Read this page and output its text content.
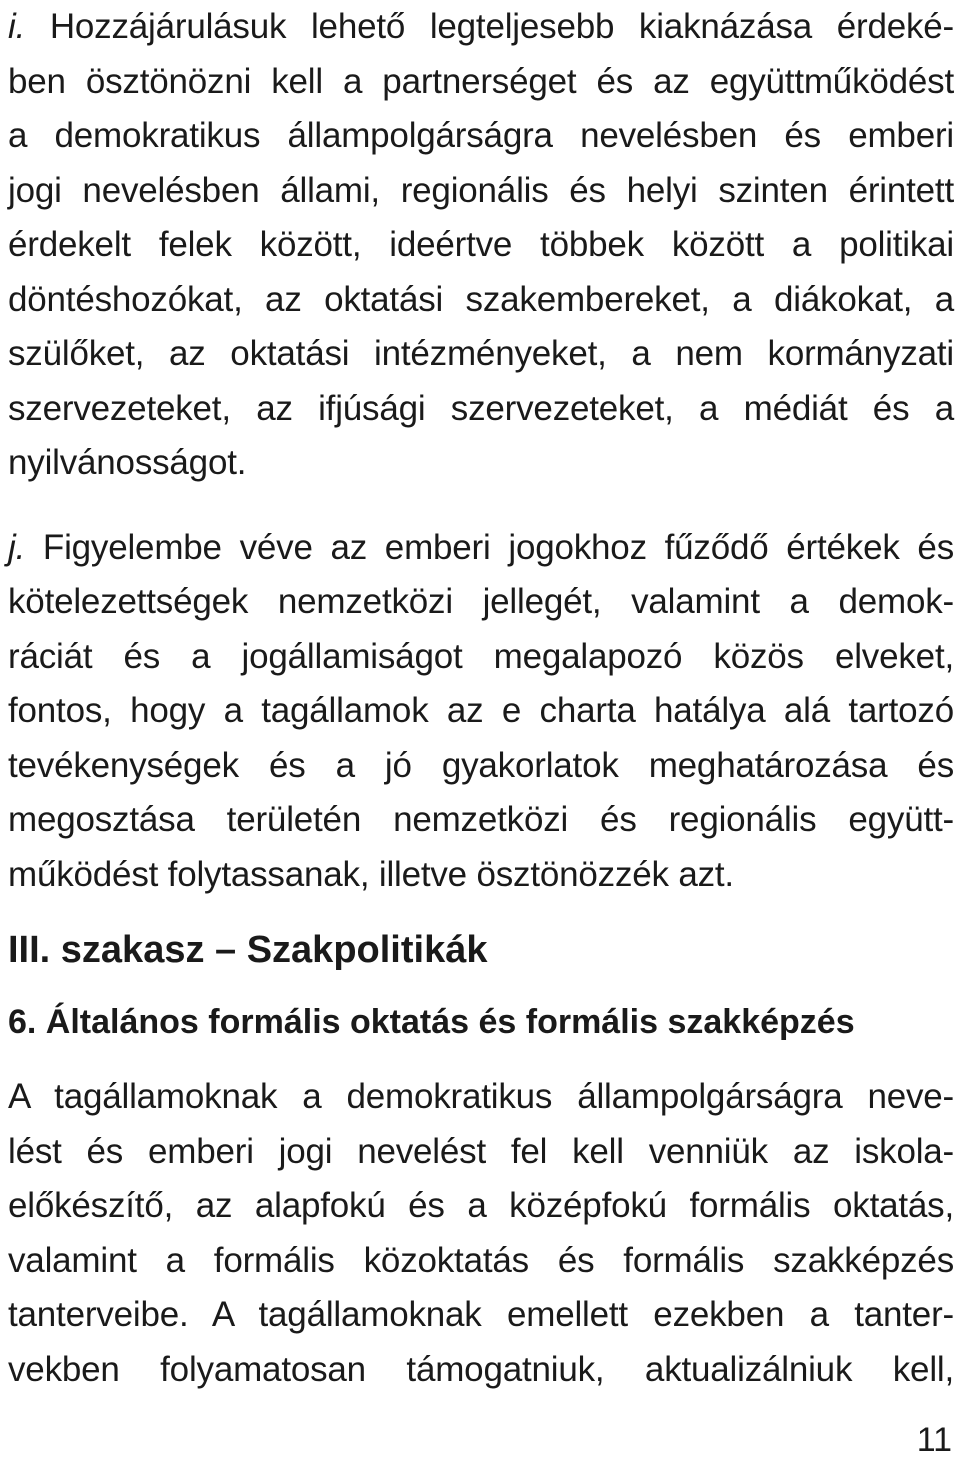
i. Hozzájárulásuk lehető legteljesebb kiaknázása érdeké-
ben ösztönözni kell a partnerséget és az együttműködést
a demokratikus állampolgárságra nevelésben és emberi
jogi nevelésben állami, regionális és helyi szinten érintett
érdekelt felek között, ideértve többek között a politikai
döntéshozókat, az oktatási szakembereket, a diákokat, a
szülőket, az oktatási intézményeket, a nem kormányzati
szervezeteket, az ifjúsági szervezeteket, a médiát és a
nyilvánosságot.

j. Figyelembe véve az emberi jogokhoz fűződő értékek és
kötelezettségek nemzetközi jellegét, valamint a demok-
ráciát és a jogállamiságot megalapozó közös elveket,
fontos, hogy a tagállamok az e charta hatálya alá tartozó
tevékenységek és a jó gyakorlatok meghatározása és
megosztása területén nemzetközi és regionális együtt-
működést folytassanak, illetve ösztönözzék azt.

III. szakasz – Szakpolitikák
6. Általános formális oktatás és formális szakképzés

A tagállamoknak a demokratikus állampolgárságra neve-
lést és emberi jogi nevelést fel kell venniük az iskola-
előkészítő, az alapfokú és a középfokú formális oktatás,
valamint a formális közoktatás és formális szakképzés
tanterveibe. A tagállamoknak emellett ezekben a tanter-
vekben folyamatosan támogatniuk, aktualizálniuk kell,

11
